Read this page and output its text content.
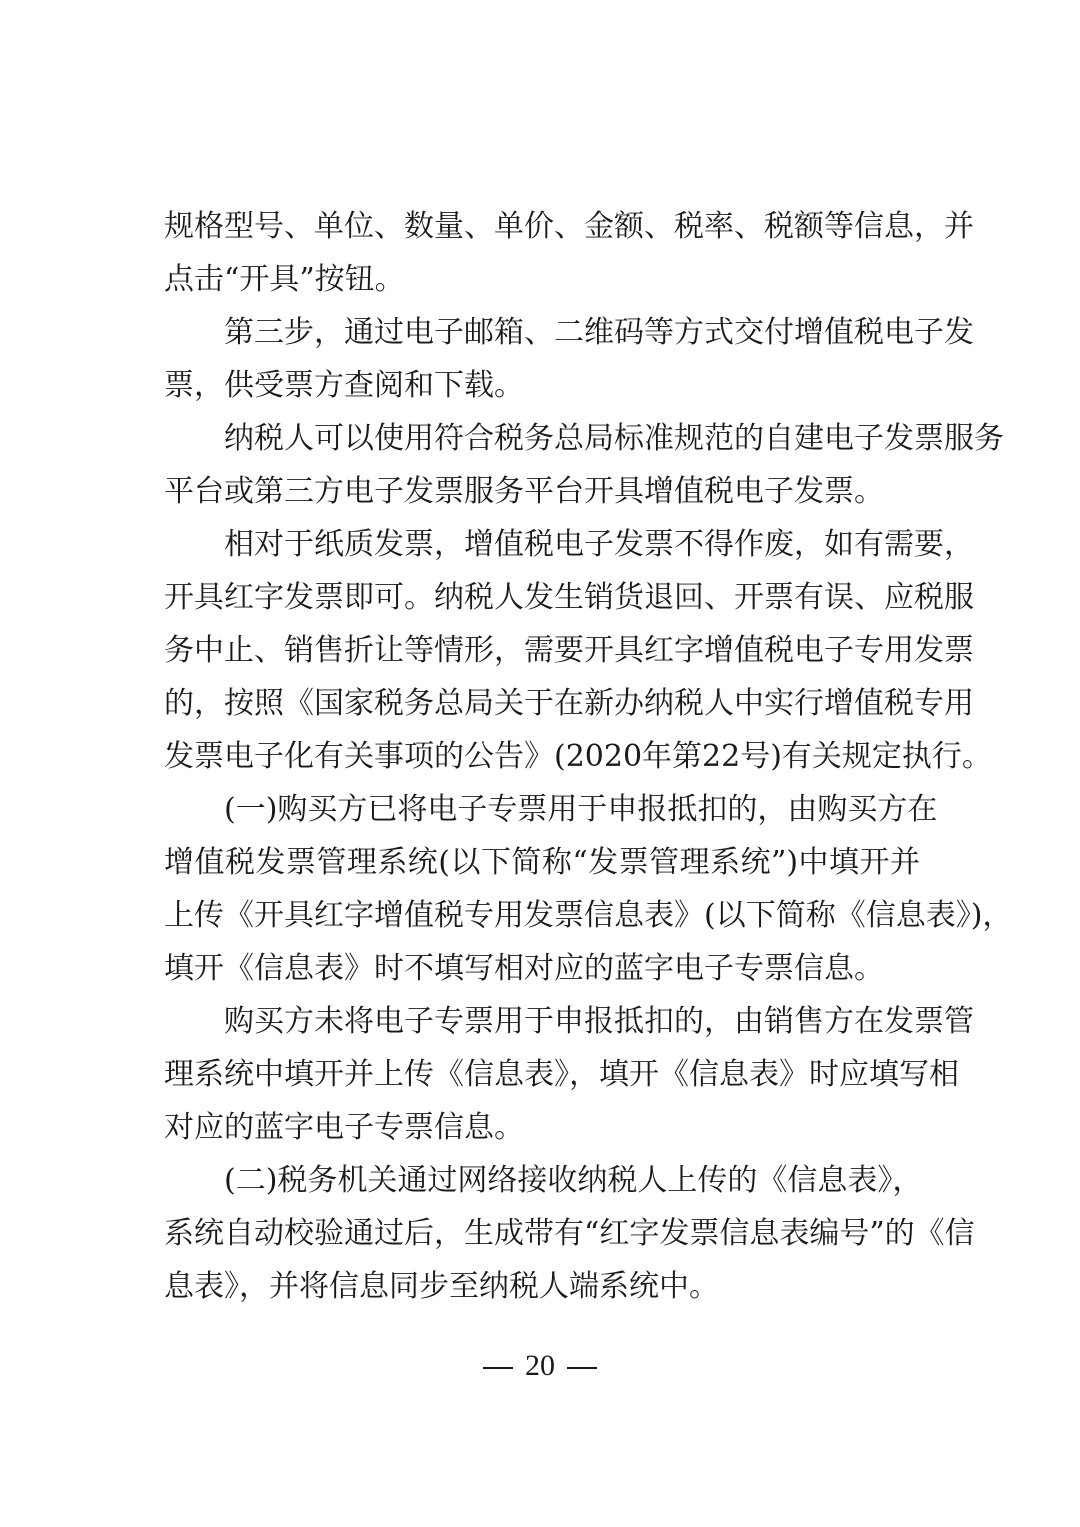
规格型号、单位、数量、单价、金额、税率、税额等信息，并
点击“开具”按钮。
第三步，通过电子邮箱、二维码等方式交付增值税电子发
票，供受票方查阅和下载。
纳税人可以使用符合税务总局标准规范的自建电子发票服务
平台或第三方电子发票服务平台开具增值税电子发票。
相对于纸质发票，增值税电子发票不得作废，如有需要，
开具红字发票即可。纳税人发生销货退回、开票有误、应税服
务中止、销售折让等情形，需要开具红字增值税电子专用发票
的，按照《国家税务总局关于在新办纳税人中实行增值税专用
发票电子化有关事项的公告》(2020年第22号)有关规定执行。
(一)购买方已将电子专票用于申报抵扣的，由购买方在
增值税发票管理系统(以下简称“发票管理系统”)中填开并
上传《开具红字增值税专用发票信息表》(以下简称《信息表》)，
填开《信息表》时不填写相对应的蓝字电子专票信息。
购买方未将电子专票用于申报抵扣的，由销售方在发票管
理系统中填开并上传《信息表》，填开《信息表》时应填写相
对应的蓝字电子专票信息。
(二)税务机关通过网络接收纳税人上传的《信息表》，
系统自动校验通过后，生成带有“红字发票信息表编号”的《信
息表》，并将信息同步至纳税人端系统中。
20
